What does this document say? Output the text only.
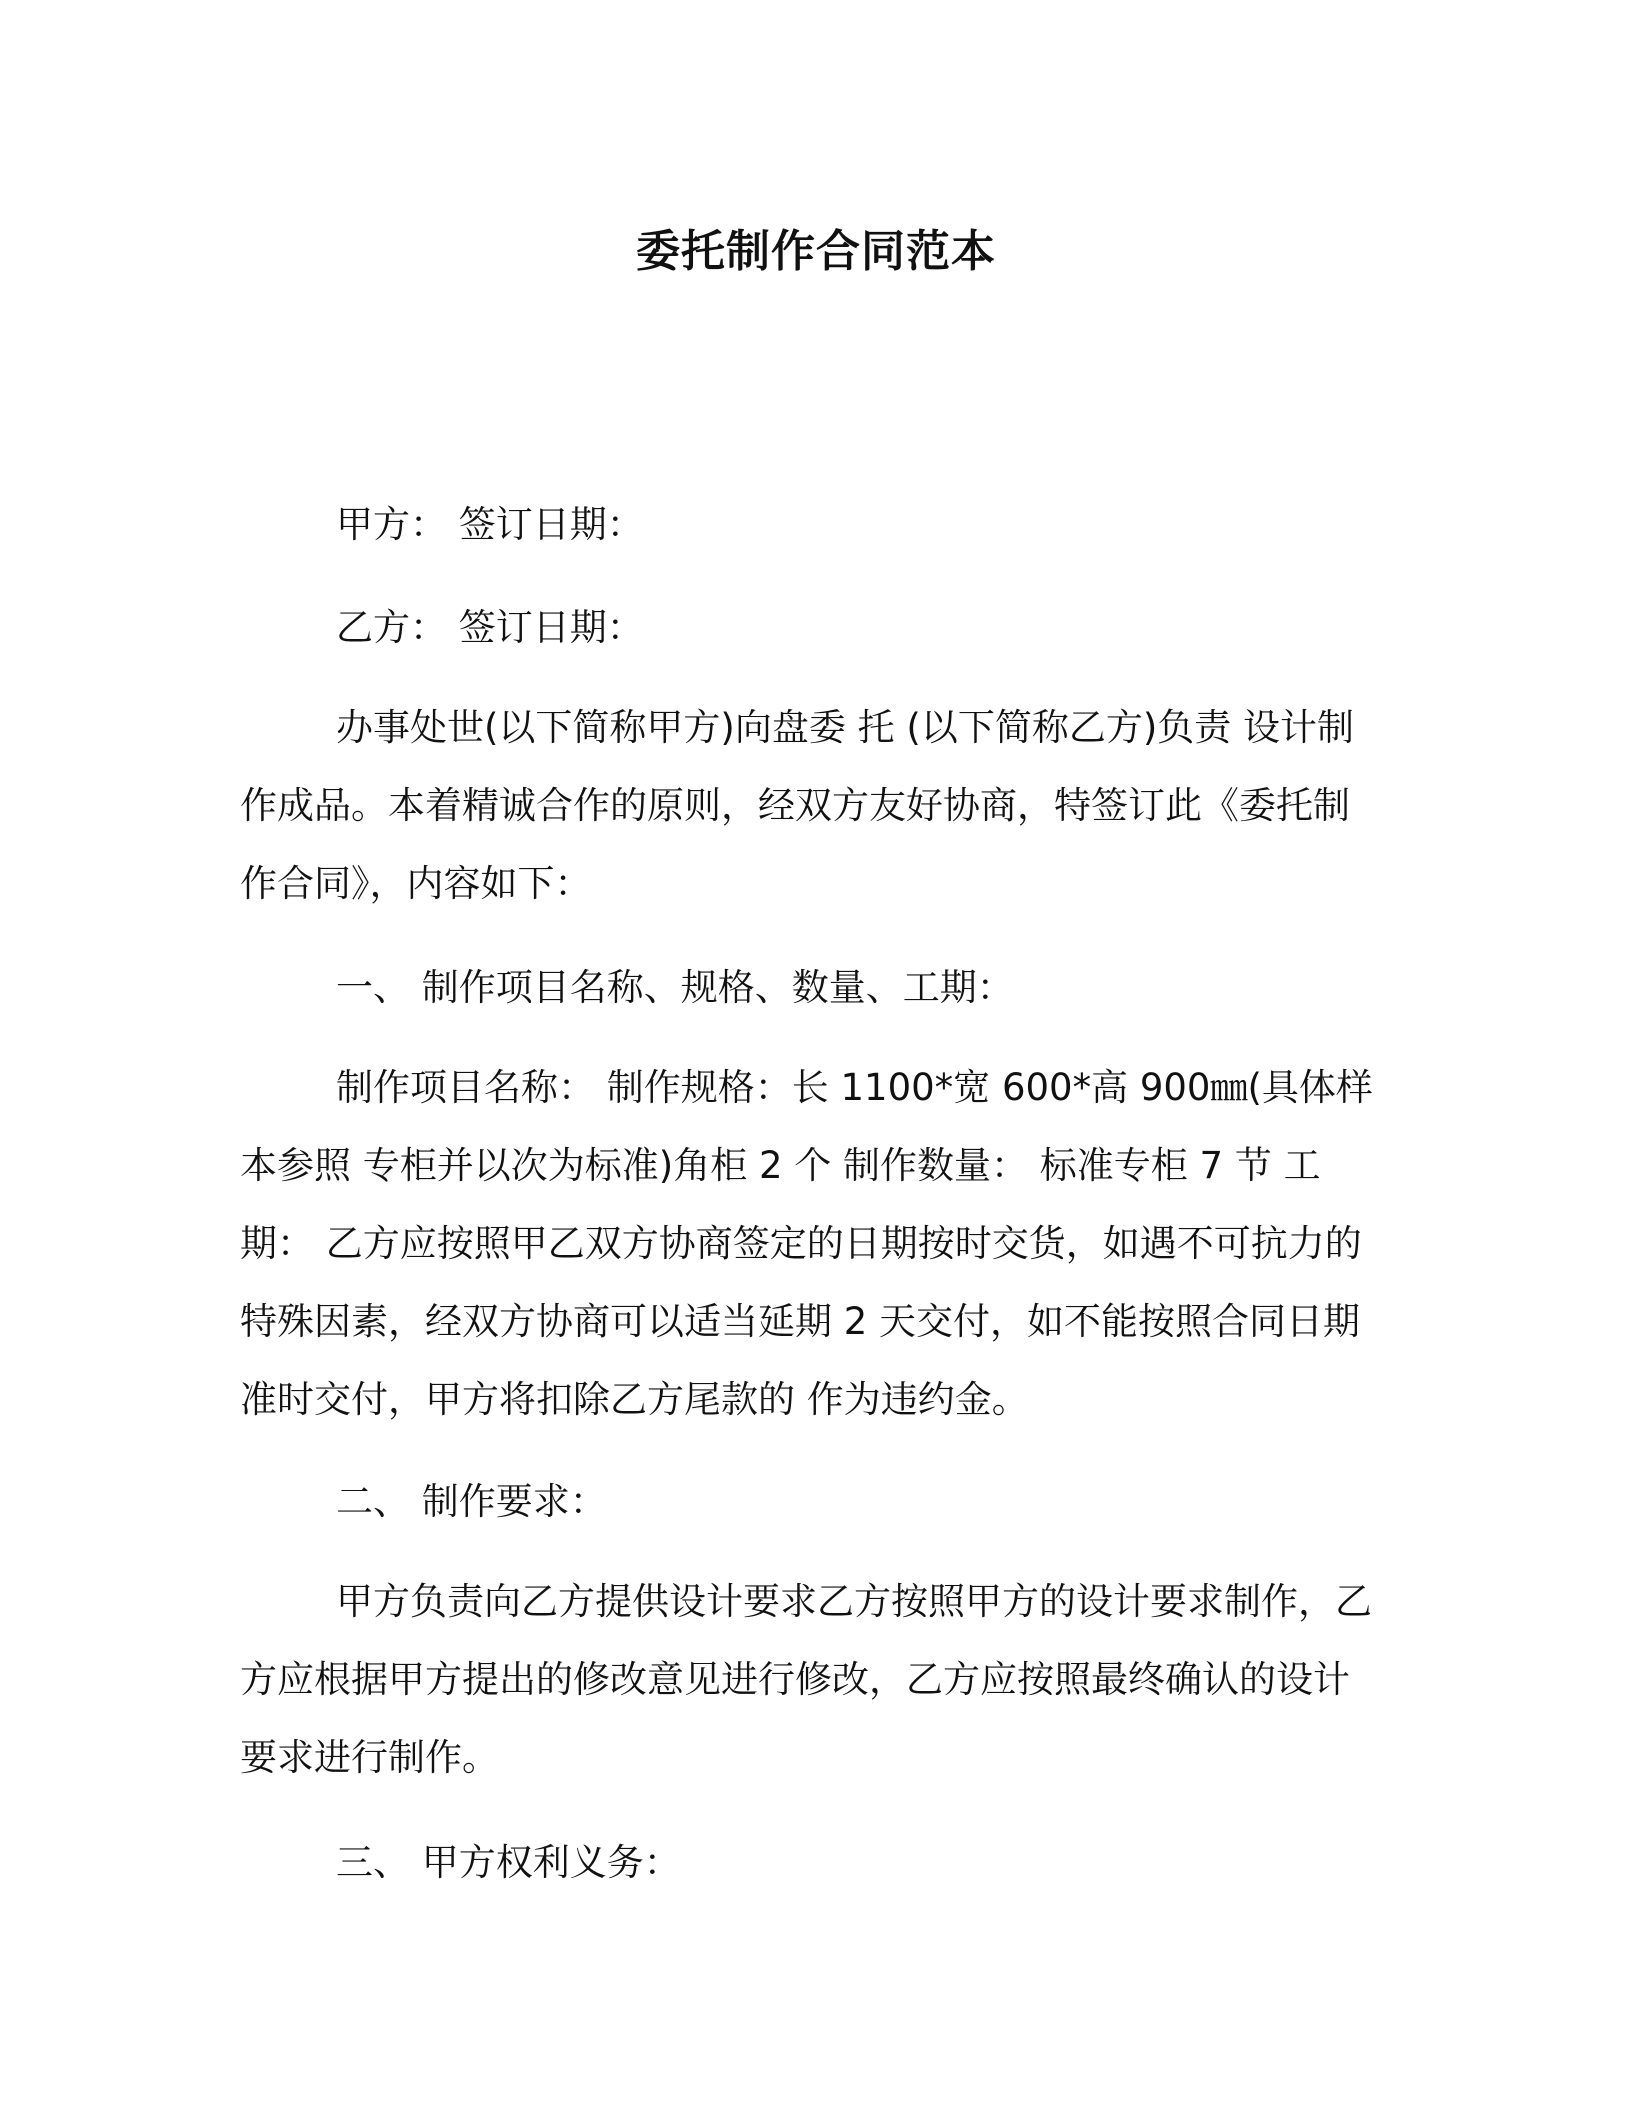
委托制作合同范本
甲方： 签订日期：
乙方： 签订日期：

办事处世(以下简称甲方)向盘委 托 (以下简称乙方)负责 设计制作成品。本着精诚合作的原则，经双方友好协商，特签订此《委托制作合同》，内容如下：

一、 制作项目名称、规格、数量、工期：

制作项目名称： 制作规格：长 1100*宽 600*高 900㎜(具体样本参照 专柜并以次为标准)角柜 2 个 制作数量： 标准专柜 7 节 工期： 乙方应按照甲乙双方协商签定的日期按时交货，如遇不可抗力的特殊因素，经双方协商可以适当延期 2 天交付，如不能按照合同日期准时交付，甲方将扣除乙方尾款的 作为违约金。

二、 制作要求：

甲方负责向乙方提供设计要求乙方按照甲方的设计要求制作，乙方应根据甲方提出的修改意见进行修改，乙方应按照最终确认的设计要求进行制作。

三、 甲方权利义务：
